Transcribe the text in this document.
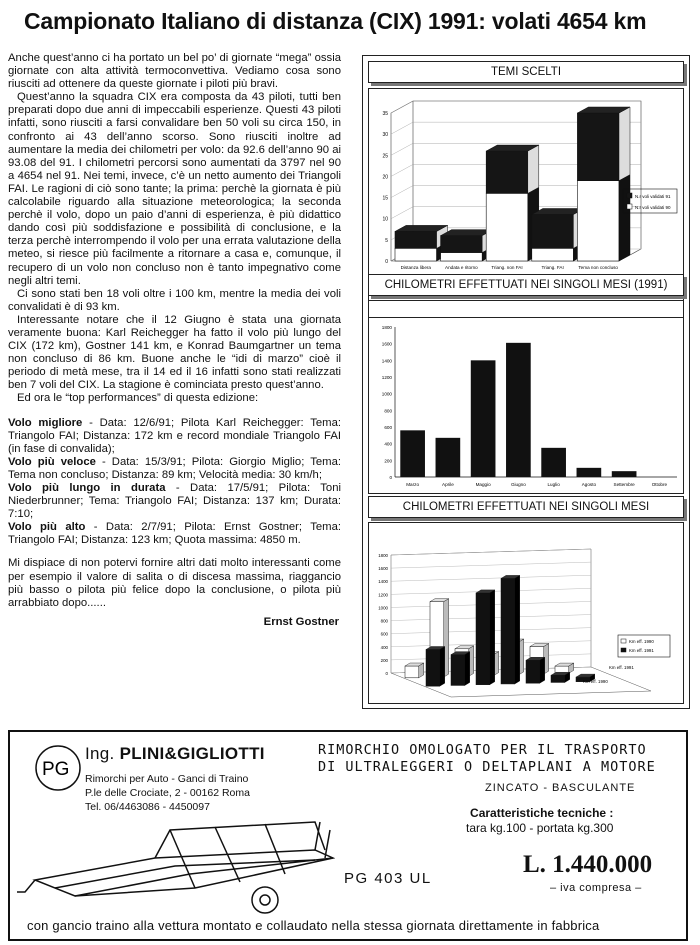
Campionato Italiano di distanza (CIX) 1991: volati 4654 km

Anche quest’anno ci ha portato un bel po’ di giornate “mega” ossia giornate con alta attività termoconvettiva. Vediamo cosa sono riusciti ad ottenere da queste giornate i piloti più bravi.

Quest’anno la squadra CIX era composta da 43 piloti, tutti ben preparati dopo due anni di impeccabili esperienze. Questi 43 piloti infatti, sono riusciti a farsi convalidare ben 50 voli su circa 150, in confronto ai 43 dell’anno scorso. Sono riusciti inoltre ad aumentare la media dei chilometri per volo: da 92.6 dell’anno 90 ai 93.08 del 91. I chilometri percorsi sono aumentati da 3797 nel 90 a 4654 nel 91. Nei temi, invece, c’è un netto aumento dei Triangoli FAI. Le ragioni di ciò sono tante; la prima: perchè la giornata è più calcolabile riguardo alla situazione meteorologica; la seconda perchè il volo, dopo un paio d’anni di esperienza, è più didattico dando così più soddisfazione e possibilità di conclusione, e la terza perchè interrompendo il volo per una errata valutazione della meteo, si riesce più facilmente a ritornare a casa e, comunque, il recupero di un volo non concluso non è tanto impegnativo come negli altri temi.

Ci sono stati ben 18 voli oltre i 100 km, mentre la media dei voli convalidati è di 93 km.

Interessante notare che il 12 Giugno è stata una giornata veramente buona: Karl Reichegger ha fatto il volo più lungo del CIX (172 km), Gostner 141 km, e Konrad Baumgartner un tema non concluso di 86 km. Buone anche le “idi di marzo” cioè il periodo di metà mese, tra il 14 ed il 16 infatti sono stati realizzati ben 7 voli del CIX. La stagione è cominciata presto quest’anno.

Ed ora le “top performances” di questa edizione:

Volo migliore - Data: 12/6/91; Pilota Karl Reichegger: Tema: Triangolo FAI; Distanza: 172 km e record mondiale Triangolo FAI (in fase di convalida);

Volo più veloce - Data: 15/3/91; Pilota: Giorgio Miglio; Tema: Tema non concluso; Distanza: 89 km; Velocità media: 30 km/h;

Volo più lungo in durata - Data: 17/5/91; Pilota: Toni Niederbrunner; Tema: Triangolo FAI; Distanza: 137 km; Durata: 7:10;

Volo più alto - Data: 2/7/91; Pilota: Ernst Gostner; Tema: Triangolo FAI; Distanza: 123 km; Quota massima: 4850 m.

Mi dispiace di non potervi fornire altri dati molto interessanti come per esempio il valore di salita o di discesa massima, riaggancio più basso o pilota più felice dopo la conclusione, o pilota più arrabbiato dopo......

Ernst Gostner
TEMI SCELTI
0
5
10
15
20
25
30
35
Distanza libera	Andata e ritorno	Triang. non FAI	Triang. FAI	Tema non concluso
N.r voli validati 91
N.r voli validati 90
CHILOMETRI EFFETTUATI NEI SINGOLI MESI (1991)
0
200
400
600
800
1000
1200
1400
1600
1800
Marzo	Aprile	Maggio	Giugno	Luglio	Agosto	Settembre	Ottobre
CHILOMETRI EFFETTUATI NEI SINGOLI MESI
0
200
400
600
800
1000
1200
1400
1600
1800
Km eff. 1991
Km eff. 1990
Km eff. 1990
Km eff. 1991
PG
Ing. PLINI&GIGLIOTTI
Rimorchi per Auto - Ganci di Traino
P.le delle Crociate, 2 - 00162 Roma
Tel. 06/4463086 - 4450097
RIMORCHIO OMOLOGATO PER IL TRASPORTO
DI ULTRALEGGERI O DELTAPLANI A MOTORE
ZINCATO - BASCULANTE
Caratteristiche tecniche :
tara kg.100 - portata kg.300
PG 403 UL
L. 1.440.000
– iva compresa –
con gancio traino alla vettura montato e collaudato nella stessa giornata direttamente in fabbrica
